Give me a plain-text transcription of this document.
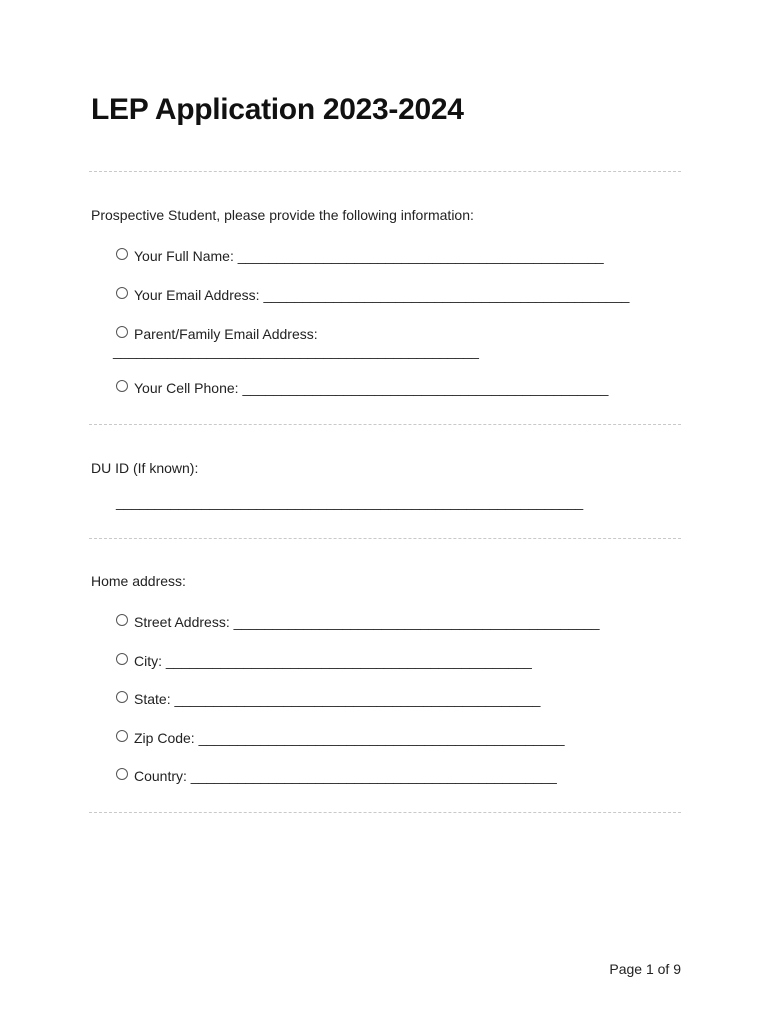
LEP Application 2023-2024
Prospective Student, please provide the following information:
Your Full Name: _______________________________________________
Your Email Address: _______________________________________________
Parent/Family Email Address:
_______________________________________________
Your Cell Phone: _______________________________________________
DU ID (If known):
____________________________________________________________
Home address:
Street Address: _______________________________________________
City: _______________________________________________
State: _______________________________________________
Zip Code: _______________________________________________
Country: _______________________________________________
Page 1 of 9
